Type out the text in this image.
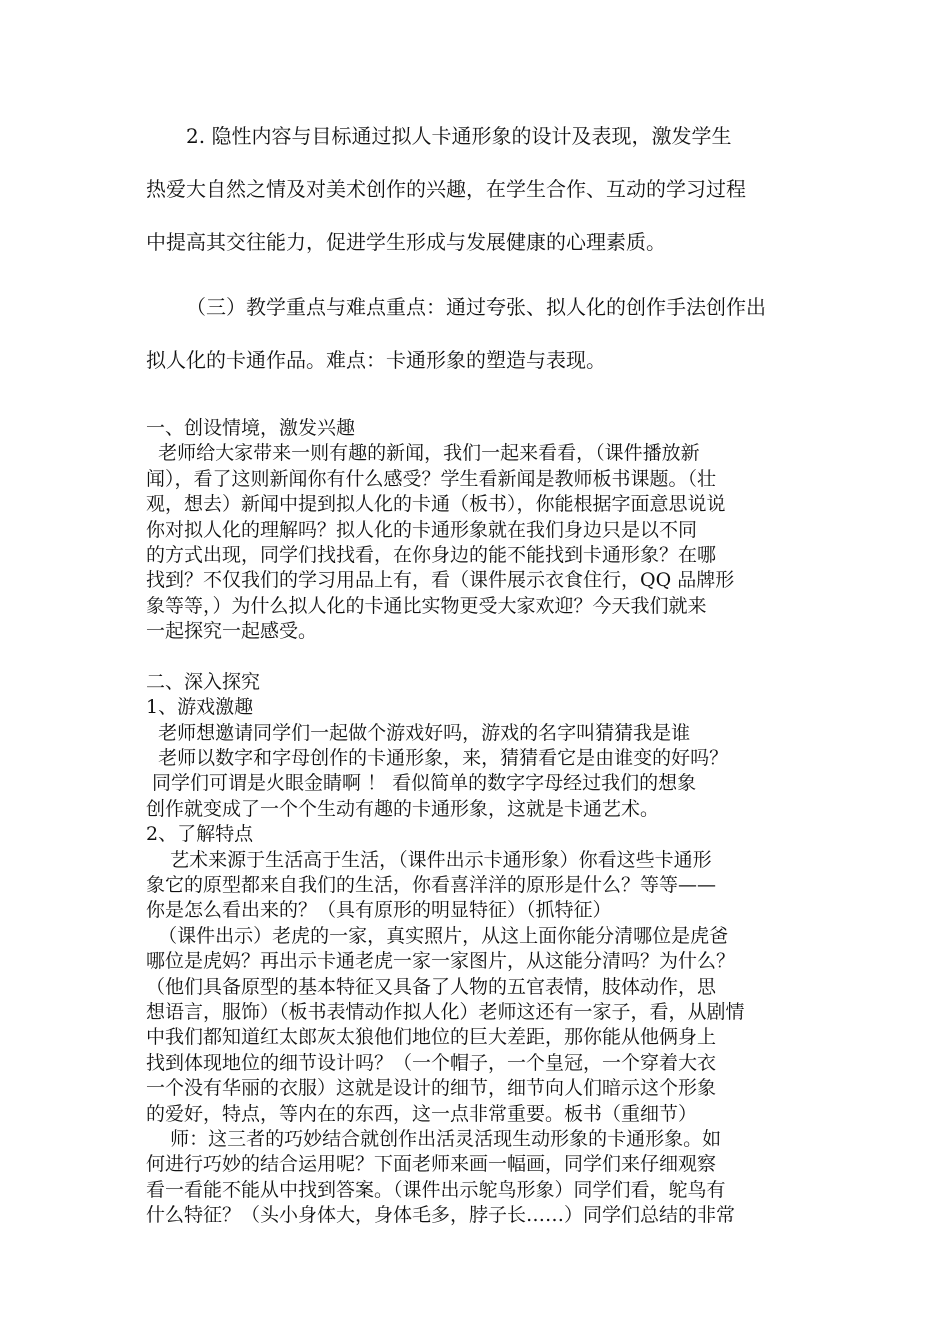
2. 隐性内容与目标通过拟人卡通形象的设计及表现，激发学生
热爱大自然之情及对美术创作的兴趣，在学生合作、互动的学习过程
中提高其交往能力，促进学生形成与发展健康的心理素质。

（三）教学重点与难点重点：通过夸张、拟人化的创作手法创作出
拟人化的卡通作品。难点：卡通形象的塑造与表现。

一、创设情境，激发兴趣
老师给大家带来一则有趣的新闻，我们一起来看看，（课件播放新
闻），看了这则新闻你有什么感受？学生看新闻是教师板书课题。（壮
观，想去）新闻中提到拟人化的卡通（板书），你能根据字面意思说说
你对拟人化的理解吗？拟人化的卡通形象就在我们身边只是以不同
的方式出现，同学们找找看，在你身边的能不能找到卡通形象？在哪
找到？不仅我们的学习用品上有，看（课件展示衣食住行，QQ 品牌形
象等等，）为什么拟人化的卡通比实物更受大家欢迎？今天我们就来
一起探究一起感受。
二、深入探究
1、游戏激趣
老师想邀请同学们一起做个游戏好吗，游戏的名字叫猜猜我是谁
老师以数字和字母创作的卡通形象，来，猜猜看它是由谁变的好吗？
同学们可谓是火眼金睛啊 ！ 看似简单的数字字母经过我们的想象
创作就变成了一个个生动有趣的卡通形象，这就是卡通艺术。
2、了解特点
艺术来源于生活高于生活，（课件出示卡通形象）你看这些卡通形
象它的原型都来自我们的生活，你看喜洋洋的原形是什么？等等——
你是怎么看出来的？（具有原形的明显特征）（抓特征）
（课件出示）老虎的一家，真实照片，从这上面你能分清哪位是虎爸
哪位是虎妈？再出示卡通老虎一家一家图片，从这能分清吗？为什么？
（他们具备原型的基本特征又具备了人物的五官表情，肢体动作，思
想语言，服饰）（板书表情动作拟人化）老师这还有一家子，看，从剧情
中我们都知道红太郎灰太狼他们地位的巨大差距，那你能从他俩身上
找到体现地位的细节设计吗？（一个帽子，一个皇冠，一个穿着大衣
一个没有华丽的衣服）这就是设计的细节，细节向人们暗示这个形象
的爱好，特点，等内在的东西，这一点非常重要。板书（重细节）
师：这三者的巧妙结合就创作出活灵活现生动形象的卡通形象。如
何进行巧妙的结合运用呢？下面老师来画一幅画，同学们来仔细观察
看一看能不能从中找到答案。（课件出示鸵鸟形象）同学们看，鸵鸟有
什么特征？（头小身体大，身体毛多，脖子长……）同学们总结的非常
